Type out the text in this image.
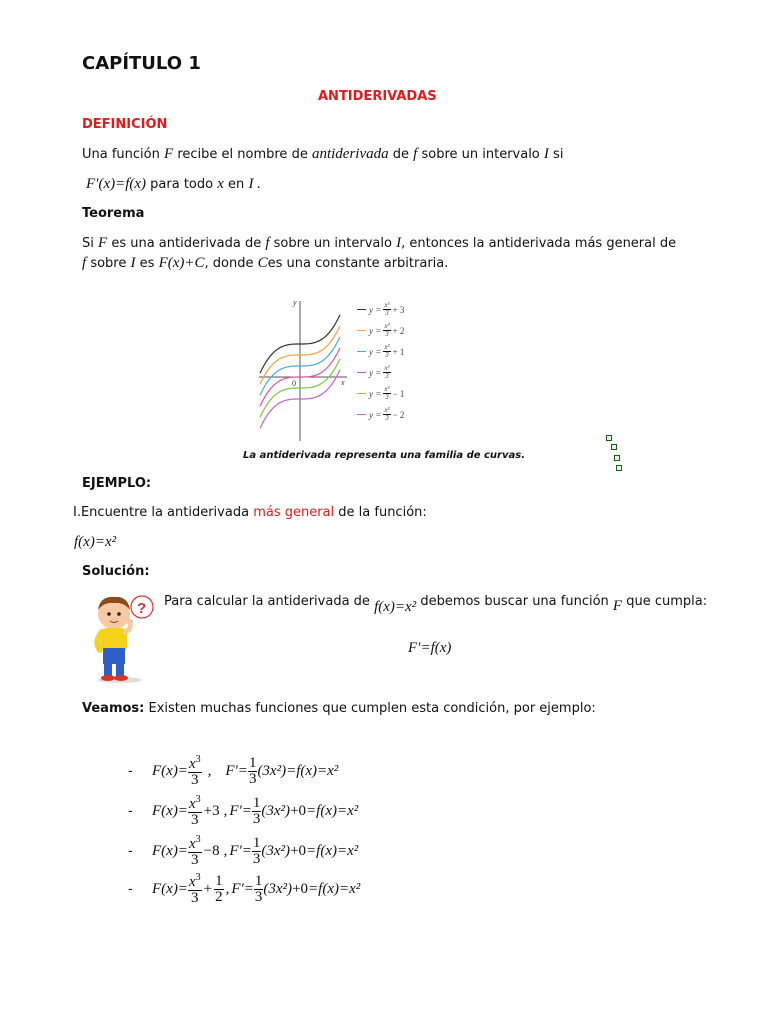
CAPÍTULO 1
ANTIDERIVADAS
DEFINICIÓN
Una función F recibe el nombre de antiderivada de f sobre un intervalo I si
F′(x)=f(x) para todo x en I .
Teorema
Si F es una antiderivada de f sobre un intervalo I, entonces la antiderivada más general de
f sobre I es F(x)+C, donde Ces una constante arbitraria.
y
x
0
$y = \frac{\text{x³}}{3} + 3$
$y = \frac{\text{x³}}{3} + 2$
$y = \frac{\text{x³}}{3} + 1$
$y = \frac{\text{x³}}{3}$
$y = \frac{\text{x³}}{3} - 1$
$y = \frac{\text{x³}}{3} - 2$
La antiderivada representa una familia de curvas.
EJEMPLO:
I.Encuentre la antiderivada más general de la función:
f(x)=x²
Solución:
? Para calcular la antiderivada de f(x)=x² debemos buscar una función F que cumpla:
F′=f(x)
Veamos: Existen muchas funciones que cumplen esta condición, por ejemplo:
-	$F(x)= \frac{x^3}{3}$ , $F'= \frac{1}{3} (3x^2) =f(x)=x^2$
-	$F(x)= \frac{x^3}{3} +3$ , $F'= \frac{1}{3} (3x^2) +0 =f(x)=x^2$
-	$F(x)= \frac{x^3}{3} -8$ , $F'= \frac{1}{3} (3x^2) +0 =f(x)=x^2$
-	$F(x)= \frac{x^3}{3} + \frac{1}{2}$ , $F'= \frac{1}{3} (3x^2) +0 =f(x)=x^2$
